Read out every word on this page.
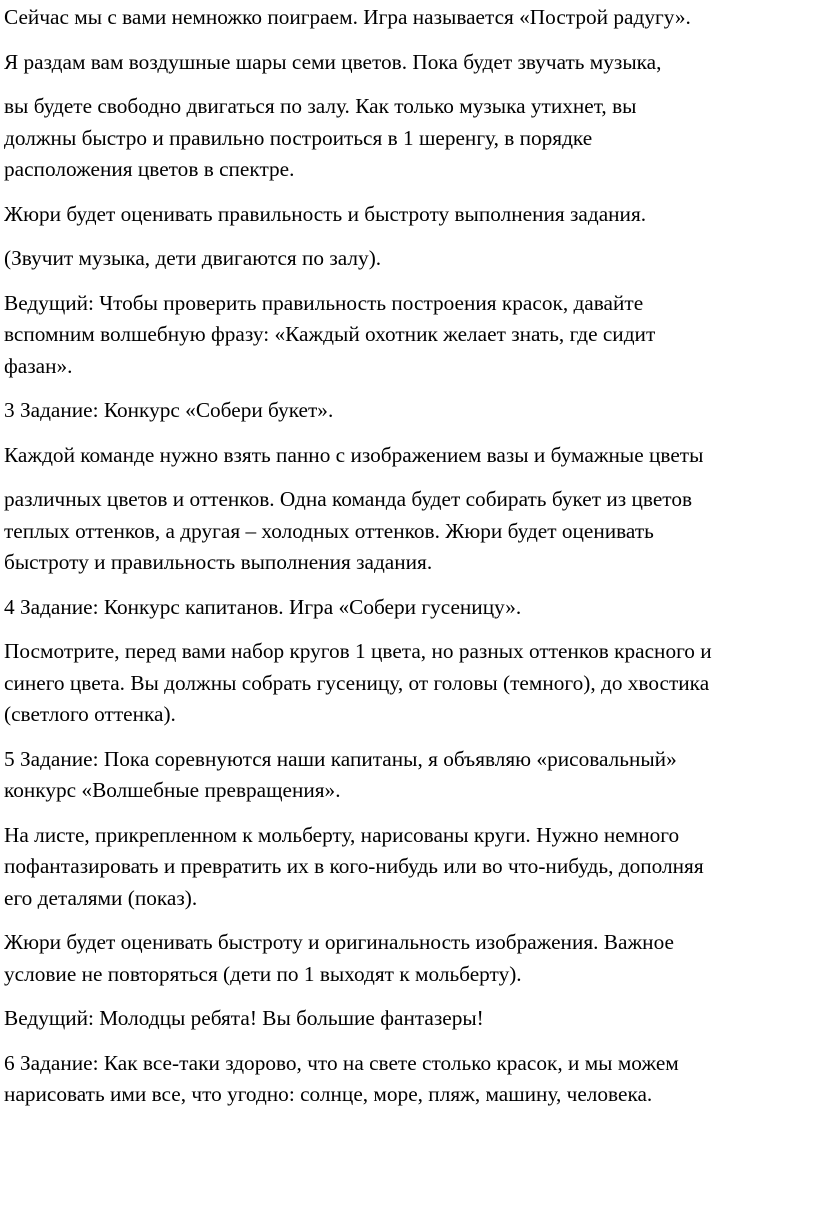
Сейчас мы с вами немножко поиграем. Игра называется «Построй радугу».

Я раздам вам воздушные шары семи цветов. Пока будет звучать музыка,

вы будете свободно двигаться по залу. Как только музыка утихнет, вы
должны быстро и правильно построиться в 1 шеренгу, в порядке
расположения цветов в спектре.

Жюри будет оценивать правильность и быстроту выполнения задания.

(Звучит музыка, дети двигаются по залу).

Ведущий: Чтобы проверить правильность построения красок, давайте
вспомним волшебную фразу: «Каждый охотник желает знать, где сидит
фазан».

3 Задание: Конкурс «Собери букет».

Каждой команде нужно взять панно с изображением вазы и бумажные цветы

различных цветов и оттенков. Одна команда будет собирать букет из цветов
теплых оттенков, а другая – холодных оттенков. Жюри будет оценивать
быстроту и правильность выполнения задания.

4 Задание: Конкурс капитанов. Игра «Собери гусеницу».

Посмотрите, перед вами набор кругов 1 цвета, но разных оттенков красного и
синего цвета. Вы должны собрать гусеницу, от головы (темного), до хвостика
(светлого оттенка).

5 Задание: Пока соревнуются наши капитаны, я объявляю «рисовальный»
конкурс «Волшебные превращения».

На листе, прикрепленном к мольберту, нарисованы круги. Нужно немного
пофантазировать и превратить их в кого-нибудь или во что-нибудь, дополняя
его деталями (показ).

Жюри будет оценивать быстроту и оригинальность изображения. Важное
условие не повторяться (дети по 1 выходят к мольберту).

Ведущий: Молодцы ребята! Вы большие фантазеры!

6 Задание: Как все-таки здорово, что на свете столько красок, и мы можем
нарисовать ими все, что угодно: солнце, море, пляж, машину, человека.
